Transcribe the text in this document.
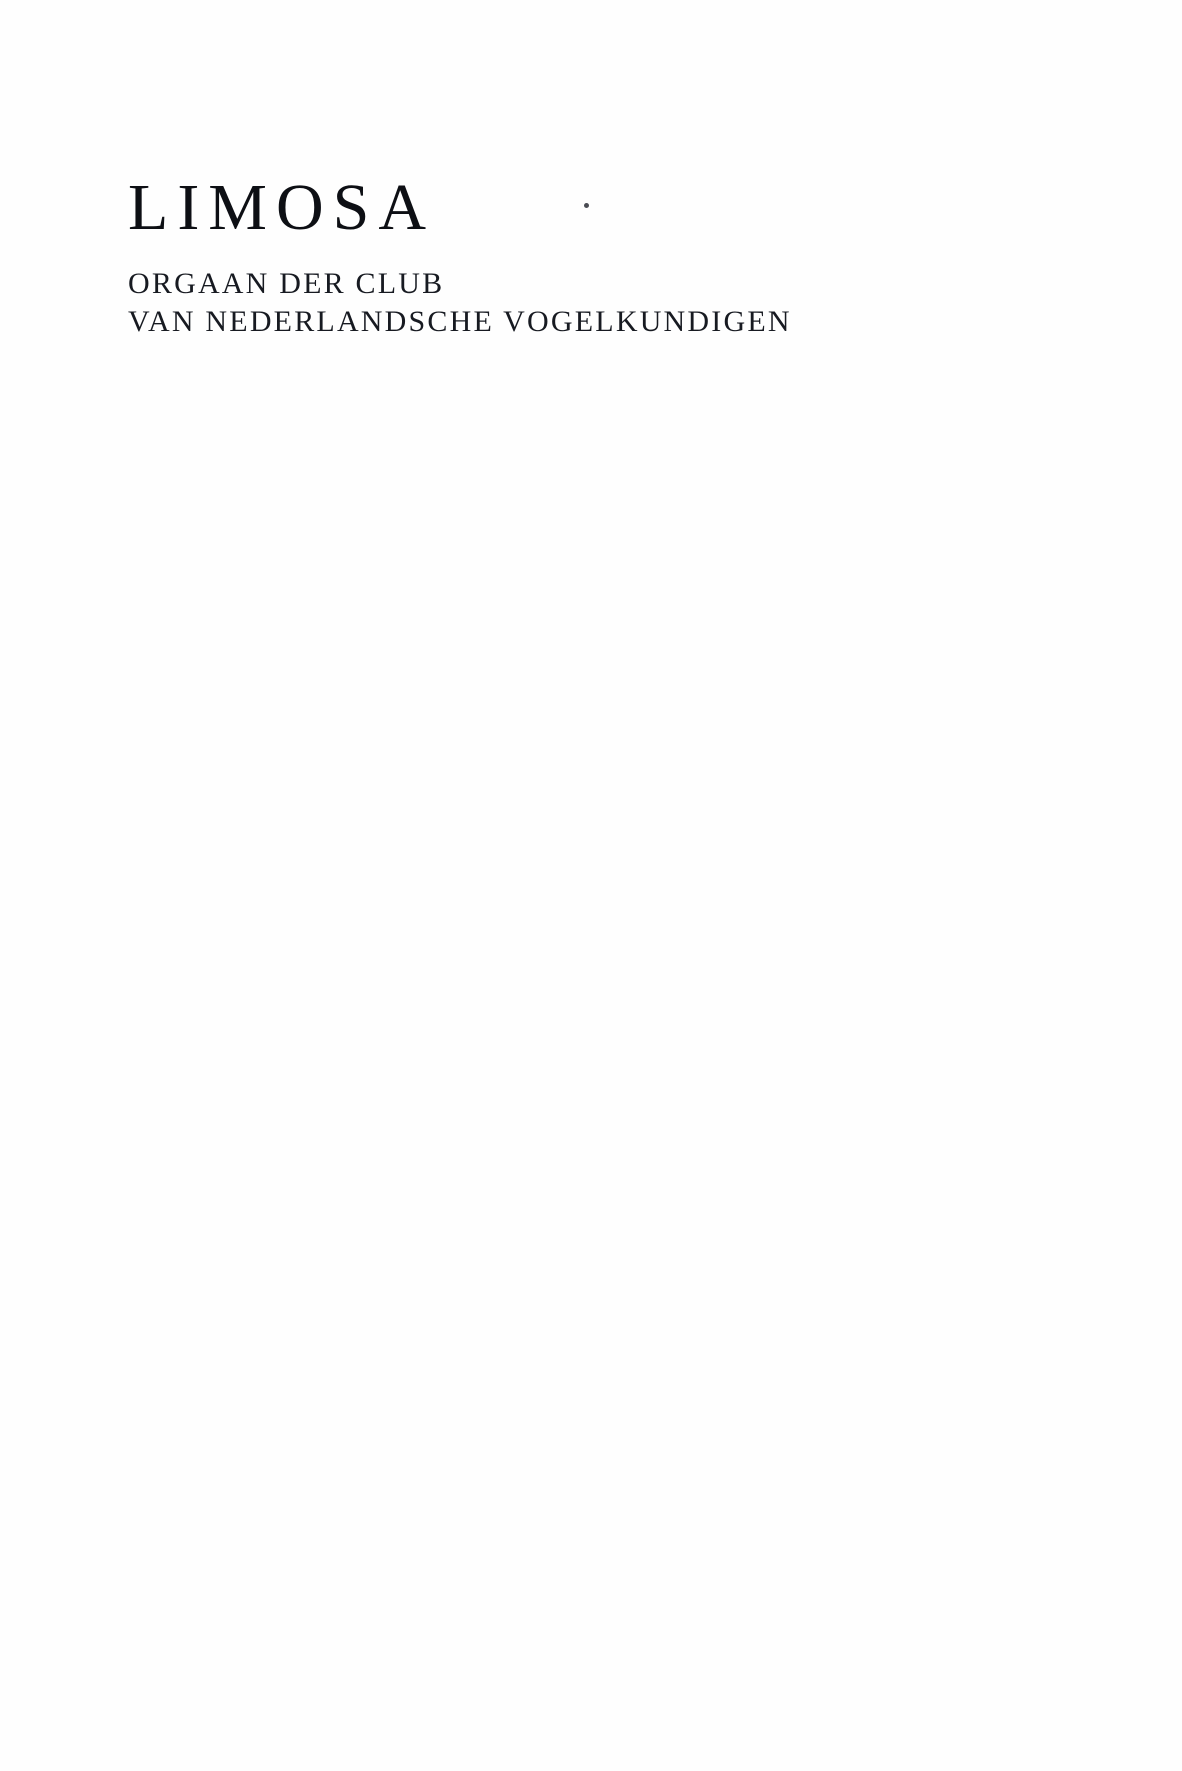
LIMOSA

ORGAAN DER CLUB

VAN NEDERLANDSCHE VOGELKUNDIGEN
